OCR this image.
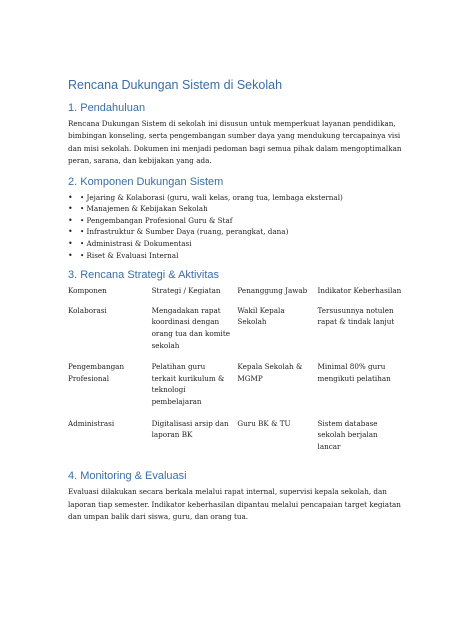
Rencana Dukungan Sistem di Sekolah
1. Pendahuluan

Rencana Dukungan Sistem di sekolah ini disusun untuk memperkuat layanan pendidikan, bimbingan konseling, serta pengembangan sumber daya yang mendukung tercapainya visi dan misi sekolah. Dokumen ini menjadi pedoman bagi semua pihak dalam mengoptimalkan peran, sarana, dan kebijakan yang ada.

2. Komponen Dukungan Sistem
• • Jejaring & Kolaborasi (guru, wali kelas, orang tua, lembaga eksternal)
• • Manajemen & Kebijakan Sekolah
• • Pengembangan Profesional Guru & Staf
• • Infrastruktur & Sumber Daya (ruang, perangkat, dana)
• • Administrasi & Dokumentasi
• • Riset & Evaluasi Internal
3. Rencana Strategi & Aktivitas
Komponen	Strategi / Kegiatan	Penanggung Jawab	Indikator Keberhasilan
Kolaborasi	Mengadakan rapat koordinasi dengan orang tua dan komite sekolah	Wakil Kepala Sekolah	Tersusunnya notulen rapat & tindak lanjut
Pengembangan Profesional	Pelatihan guru terkait kurikulum & teknologi pembelajaran	Kepala Sekolah & MGMP	Minimal 80% guru mengikuti pelatihan
Administrasi	Digitalisasi arsip dan laporan BK	Guru BK & TU	Sistem database sekolah berjalan lancar
4. Monitoring & Evaluasi

Evaluasi dilakukan secara berkala melalui rapat internal, supervisi kepala sekolah, dan laporan tiap semester. Indikator keberhasilan dipantau melalui pencapaian target kegiatan dan umpan balik dari siswa, guru, dan orang tua.
